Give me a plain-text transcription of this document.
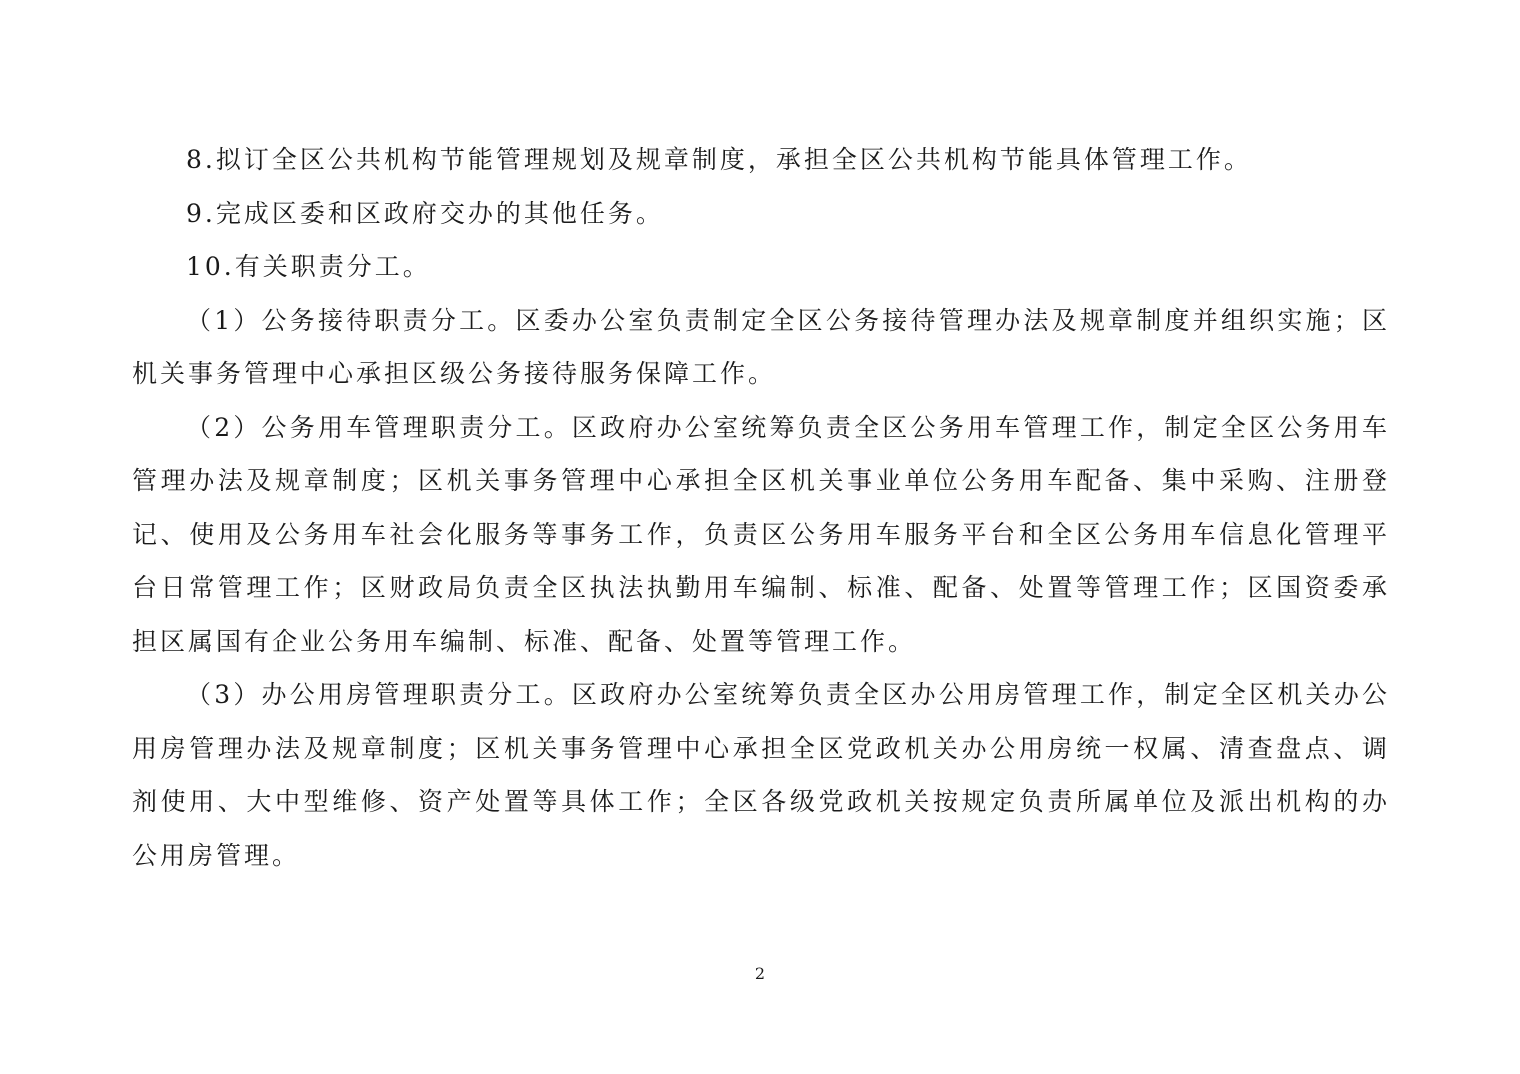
8.拟订全区公共机构节能管理规划及规章制度，承担全区公共机构节能具体管理工作。

9.完成区委和区政府交办的其他任务。

10.有关职责分工。

（1）公务接待职责分工。区委办公室负责制定全区公务接待管理办法及规章制度并组织实施；区机关事务管理中心承担区级公务接待服务保障工作。

（2）公务用车管理职责分工。区政府办公室统筹负责全区公务用车管理工作，制定全区公务用车管理办法及规章制度；区机关事务管理中心承担全区机关事业单位公务用车配备、集中采购、注册登记、使用及公务用车社会化服务等事务工作，负责区公务用车服务平台和全区公务用车信息化管理平台日常管理工作；区财政局负责全区执法执勤用车编制、标准、配备、处置等管理工作；区国资委承担区属国有企业公务用车编制、标准、配备、处置等管理工作。

（3）办公用房管理职责分工。区政府办公室统筹负责全区办公用房管理工作，制定全区机关办公用房管理办法及规章制度；区机关事务管理中心承担全区党政机关办公用房统一权属、清查盘点、调剂使用、大中型维修、资产处置等具体工作；全区各级党政机关按规定负责所属单位及派出机构的办公用房管理。

2
